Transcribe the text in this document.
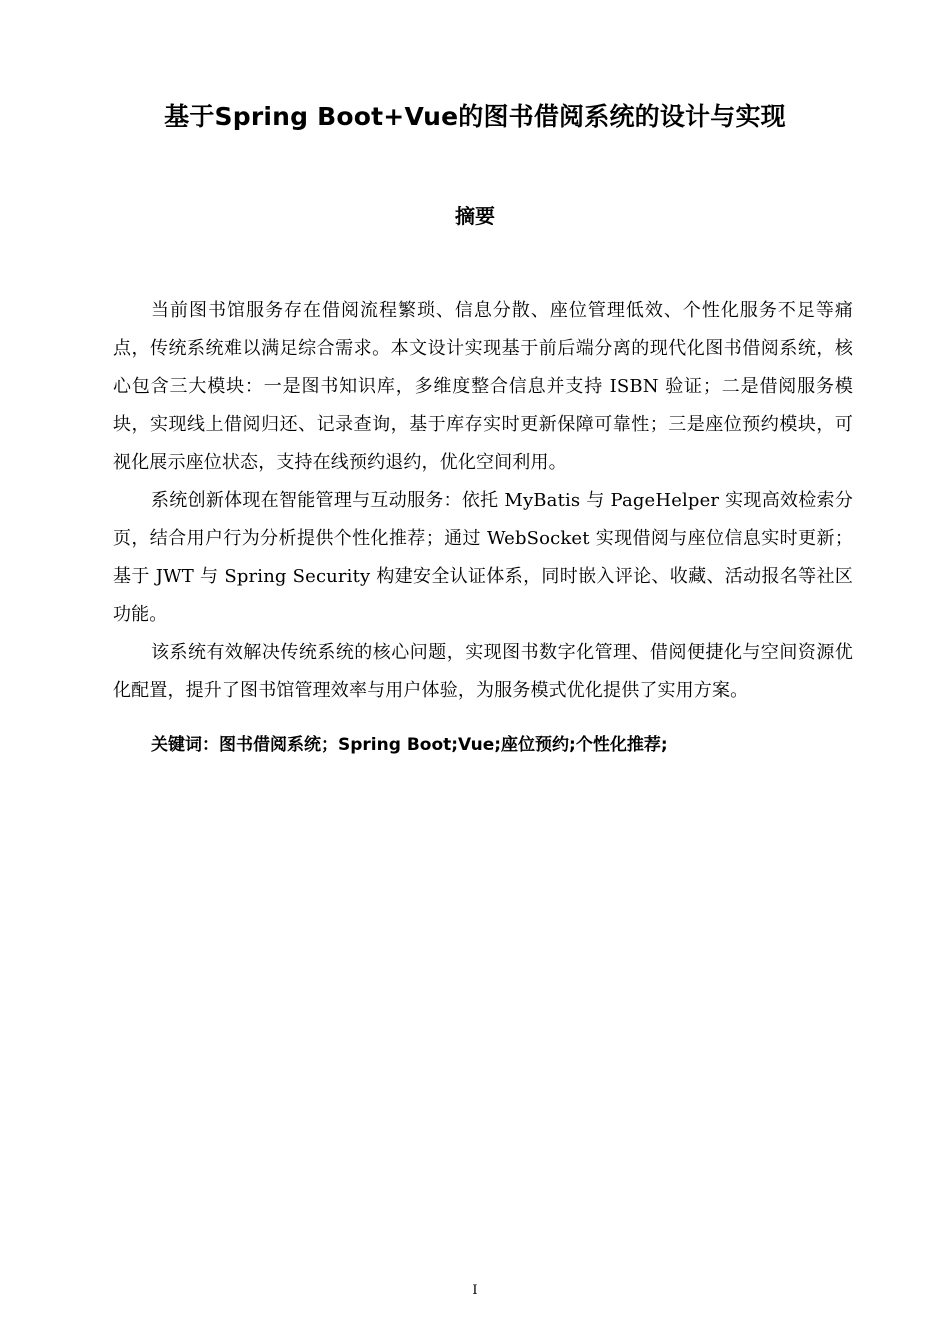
基于Spring Boot+Vue的图书借阅系统的设计与实现
摘要

当前图书馆服务存在借阅流程繁琐、信息分散、座位管理低效、个性化服务不足等痛点，传统系统难以满足综合需求。本文设计实现基于前后端分离的现代化图书借阅系统，核心包含三大模块：一是图书知识库，多维度整合信息并支持 ISBN 验证；二是借阅服务模块，实现线上借阅归还、记录查询，基于库存实时更新保障可靠性；三是座位预约模块，可视化展示座位状态，支持在线预约退约，优化空间利用。

系统创新体现在智能管理与互动服务：依托 MyBatis 与 PageHelper 实现高效检索分页，结合用户行为分析提供个性化推荐；通过 WebSocket 实现借阅与座位信息实时更新；基于 JWT 与 Spring Security 构建安全认证体系，同时嵌入评论、收藏、活动报名等社区功能。

该系统有效解决传统系统的核心问题，实现图书数字化管理、借阅便捷化与空间资源优化配置，提升了图书馆管理效率与用户体验，为服务模式优化提供了实用方案。

关键词：图书借阅系统；Spring Boot;Vue;座位预约;个性化推荐;
I
